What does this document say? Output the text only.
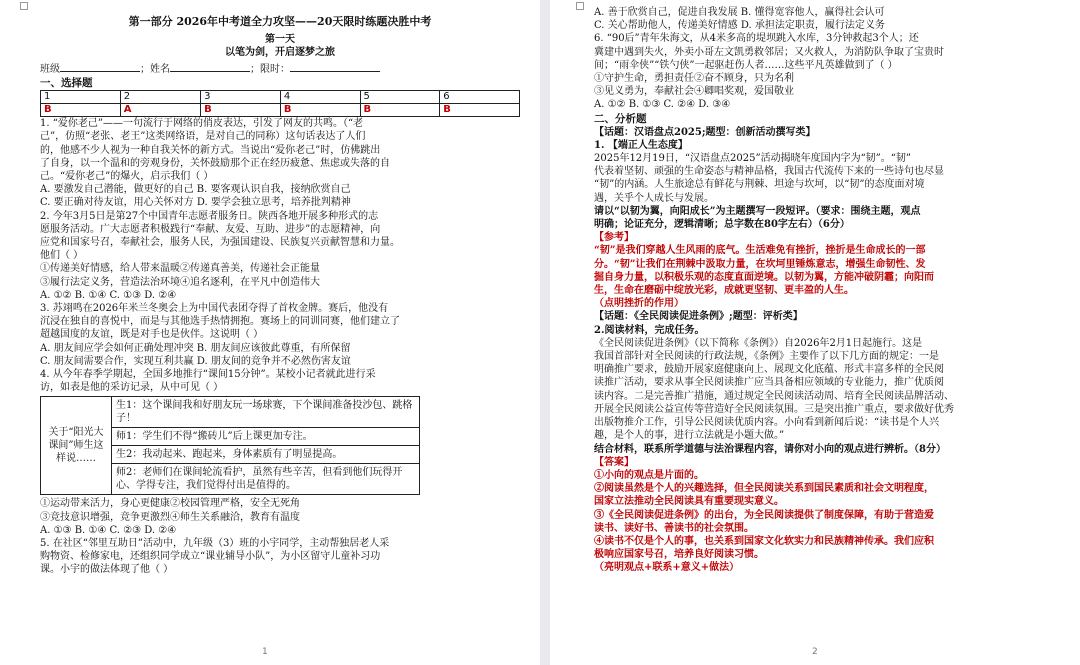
第一部分 2026年中考道全力攻坚——20天限时练题决胜中考
第一天
以笔为剑，开启逐梦之旅
班级	；姓名	；限时：
一、选择题
1	2	3	4	5	6
B	A	B	B	B	B
1. “爱你老己”——一句流行于网络的俏皮表达，引发了网友的共鸣。（“老
己”，仿照“老张、老王”这类网络语，是对自己的同称）这句话表达了人们
的，他感不少人视为一种自我关怀的新方式。当说出“爱你老己”时，仿佛跳出
了自身，以一个温和的旁观身份，关怀鼓励那个正在经历疲惫、焦虑或失落的自
己。“爱你老己”的爆火，启示我们（ ）
A. 要激发自己潜能，做更好的自己 B. 要客观认识自我，接纳欣赏自己
C. 要正确对待友谊，用心关怀对方 D. 要学会独立思考，培养批判精神
2. 今年3月5日是第27个中国青年志愿者服务日。陕西各地开展多种形式的志
愿服务活动。广大志愿者积极践行“奉献、友爱、互助、进步”的志愿精神，向
应党和国家号召，奉献社会，服务人民，为强国建设、民族复兴贡献智慧和力量。
他们（ ）
①传递美好情感，给人带来温暖②传递真善美，传递社会正能量
③履行法定义务，营造法治环境④追名逐利，在平凡中创造伟大
A. ①② B. ①④ C. ①③ D. ②④
3. 苏翊鸣在2026年米兰冬奥会上为中国代表团夺得了首枚金牌。赛后，他没有
沉浸在独自的喜悦中，而是与其他选手热情拥抱。赛场上的同训同赛，他们建立了
超越国度的友谊，既是对手也是伙伴。这说明（ ）
A. 朋友间应学会如何正确处理冲突 B. 朋友间应该彼此尊重，有所保留
C. 朋友间需要合作，实现互利共赢 D. 朋友间的竞争并不必然伤害友谊
4. 从今年春季学期起，全国多地推行“课间15分钟”。某校小记者就此进行采
访，如表是他的采访记录，从中可见（ ）
关于“阳光大课间”师生这样说……	生1：这个课间我和好朋友玩一场球赛，下个课间准备投沙包、跳格子！
师1：学生们不得“搬砖儿”后上课更加专注。
生2：我动起来、跑起来，身体素质有了明显提高。
师2：老师们在课间轮流看护，虽然有些辛苦，但看到他们玩得开心、学得专注，我们觉得付出是值得的。
①运动带来活力，身心更健康②校园管理严格，安全无死角
③竞技意识增强，竞争更激烈④师生关系融洽，教育有温度
A. ①③ B. ①④ C. ②③ D. ②④
5. 在社区“邻里互助日”活动中，九年级（3）班的小宇同学，主动帮独居老人采
购物资、检修家电，还组织同学成立“课业辅导小队”，为小区留守儿童补习功
课。小宇的做法体现了他（ ）
1
A. 善于欣赏自己，促进自我发展 B. 懂得宽容他人，赢得社会认可
C. 关心帮助他人，传递美好情感 D. 承担法定职责，履行法定义务
6. “90后”青年朱海文，从4米多高的堤坝跳入水库，3分钟救起3个人；还
冀建中遇到失火，外卖小哥左文凯勇救邻居；又火救人，为消防队争取了宝贵时
间；“雨伞侠”“铁勺侠”一起驱赶伤人者……这些平凡英雄做到了（ ）
①守护生命，勇担责任②奋不顾身，只为名利
③见义勇为，奉献社会④卿唱奖观，爱国敬业
A. ①② B. ①③ C. ②④ D. ③④
二、分析题
【话题：汉语盘点2025;题型：创新活动撰写类】
1. 【端正人生态度】
2025年12月19日，“汉语盘点2025”活动揭晓年度国内字为“韧”。“韧”
代表着坚韧、顽强的生命姿态与精神品格，我国古代流传下来的一些诗句也尽显
“韧”的内涵。人生旅途总有鲜花与荆棘、坦途与坎坷，以“韧”的态度面对境
遇，关乎个人成长与发展。
请以“以韧为翼，向阳成长”为主题撰写一段短评。（要求：围绕主题，观点
明确；论证充分，逻辑清晰；总字数在80字左右）（6分）
【参考】
“韧”是我们穿越人生风雨的底气。生活难免有挫折，挫折是生命成长的一部
分。“韧”让我们在荆棘中汲取力量，在坎坷里锤炼意志，增强生命韧性、发
掘自身力量，以积极乐观的态度直面逆境。以韧为翼，方能冲破阴霾；向阳而
生，生命在磨砺中绽放光彩，成就更坚韧、更丰盈的人生。
（点明挫折的作用）
【话题：《全民阅读促进条例》;题型：评析类】
2.阅读材料，完成任务。
《全民阅读促进条例》（以下简称《条例》）自2026年2月1日起施行。这是
我国首部针对全民阅读的行政法规，《条例》主要作了以下几方面的规定：一是
明确推广要求，鼓励开展家庭健康向上、展现文化底蕴、形式丰富多样的全民阅
读推广活动，要求从事全民阅读推广应当具备相应领域的专业能力，推广优质阅
读内容。二是完善推广措施，通过规定全民阅读活动周、培育全民阅读品牌活动、
开展全民阅读公益宣传等营造好全民阅读氛围。三是突出推广重点，要求做好优秀
出版物推介工作，引导公民阅读优质内容。小向看到新闻后说：“读书是个人兴
趣，是个人的事，进行立法就是小题大做。”
结合材料，联系所学道德与法治课程内容，请你对小向的观点进行辨析。（8分）
【答案】
①小向的观点是片面的。
②阅读虽然是个人的兴趣选择，但全民阅读关系到国民素质和社会文明程度，
国家立法推动全民阅读具有重要现实意义。
③《全民阅读促进条例》的出台，为全民阅读提供了制度保障，有助于营造爱
读书、读好书、善读书的社会氛围。
④读书不仅是个人的事，也关系到国家文化软实力和民族精神传承。我们应积
极响应国家号召，培养良好阅读习惯。
（亮明观点+联系+意义+做法）
2
